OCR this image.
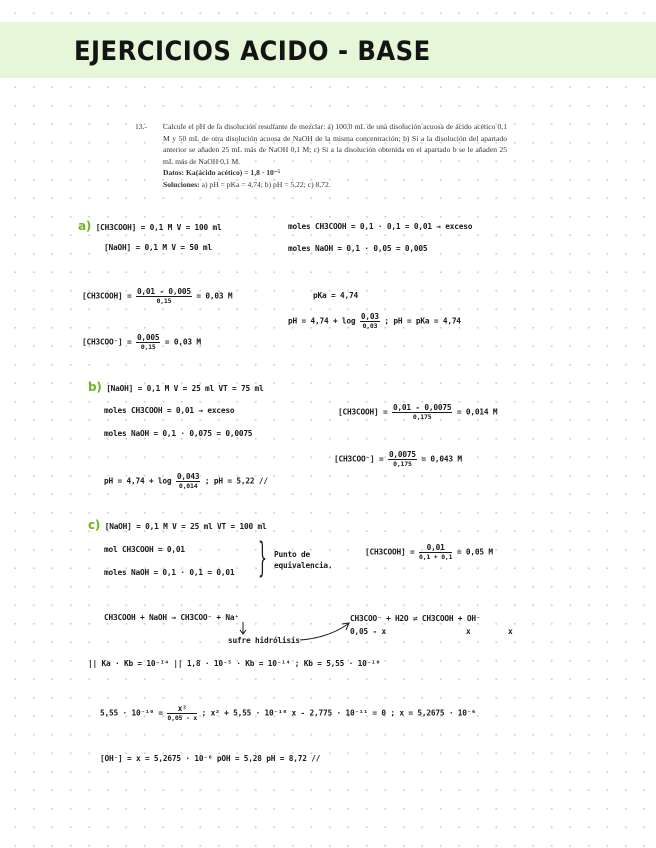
EJERCICIOS ACIDO - BASE
13.- Calcule el pH de la disolución resultante de mezclar: a) 100,0 mL de una disolución acuosa de ácido acético 0,1 M y 50 mL de otra disolución acuosa de NaOH de la misma concentración; b) Si a la disolución del apartado anterior se añaden 25 mL más de NaOH 0,1 M; c) Si a la disolución obtenida en el apartado b se le añaden 25 mL más de NaOH 0,1 M.
Datos: Ka(ácido acético) = 1,8 · 10⁻⁵
Soluciones: a) pH = pKa = 4,74; b) pH = 5,22; c) 8,72.
a) [CH3COOH] = 0,1 M V = 100 ml
[NaOH] = 0,1 M V = 50 ml
moles CH3COOH = 0,1 · 0,1 = 0,01 → exceso
moles NaOH = 0,1 · 0,05 = 0,005
[CH3COOH] = $\frac{0,01 - 0,005}{0,15} = 0,03$ M	pKa = 4,74
pH = $4,74 + \log \frac{0,03}{0,03}$ ; pH = pKa = 4,74
$[CH3COO^-] = \frac{0,005}{0,15} = 0,03$ M
b) [NaOH] = 0,1 M V = 25 ml VT = 75 ml
moles CH3COOH = 0,01 → exceso
moles NaOH = 0,1 · 0,075 = 0,0075
[CH3COOH] = $\frac{0,01 - 0,0075}{0,175} = 0,014$ M
$[CH3COO^-] = \frac{0,0075}{0,175} = 0,043$ M
pH = $4,74 + \log \frac{0,043}{0,014}$ ; pH = 5,22 //
c) [NaOH] = 0,1 M V = 25 ml VT = 100 ml
mol CH3COOH = 0,01
moles NaOH = 0,1 · 0,1 = 0,01 } Punto de equivalencia.
[CH3COOH] = $\frac{0,01}{0,1 + 0,1} = 0,05$ M
CH3COOH + NaOH → CH3COO⁻ + Na⁺
sufre hidrólisis
CH3COO⁻ + H2O ⇌ CH3COOH + OH⁻
0,05 - x	x	x
|| Ka · Kb = 10⁻¹⁴ || 1,8 · 10⁻⁵ · Kb = 10⁻¹⁴ ; Kb = 5,55 · 10⁻¹⁰
$5,55 \cdot 10^{-10} = \frac{\text{x²}}{0,05 - x}$ ; x² + 5,55 · 10⁻¹⁰ x - 2,775 · 10⁻¹¹ = 0 ; x = 5,2675 · 10⁻⁶
[OH⁻] = x = 5,2675 · 10⁻⁶ pOH = 5,28 pH = 8,72 //
